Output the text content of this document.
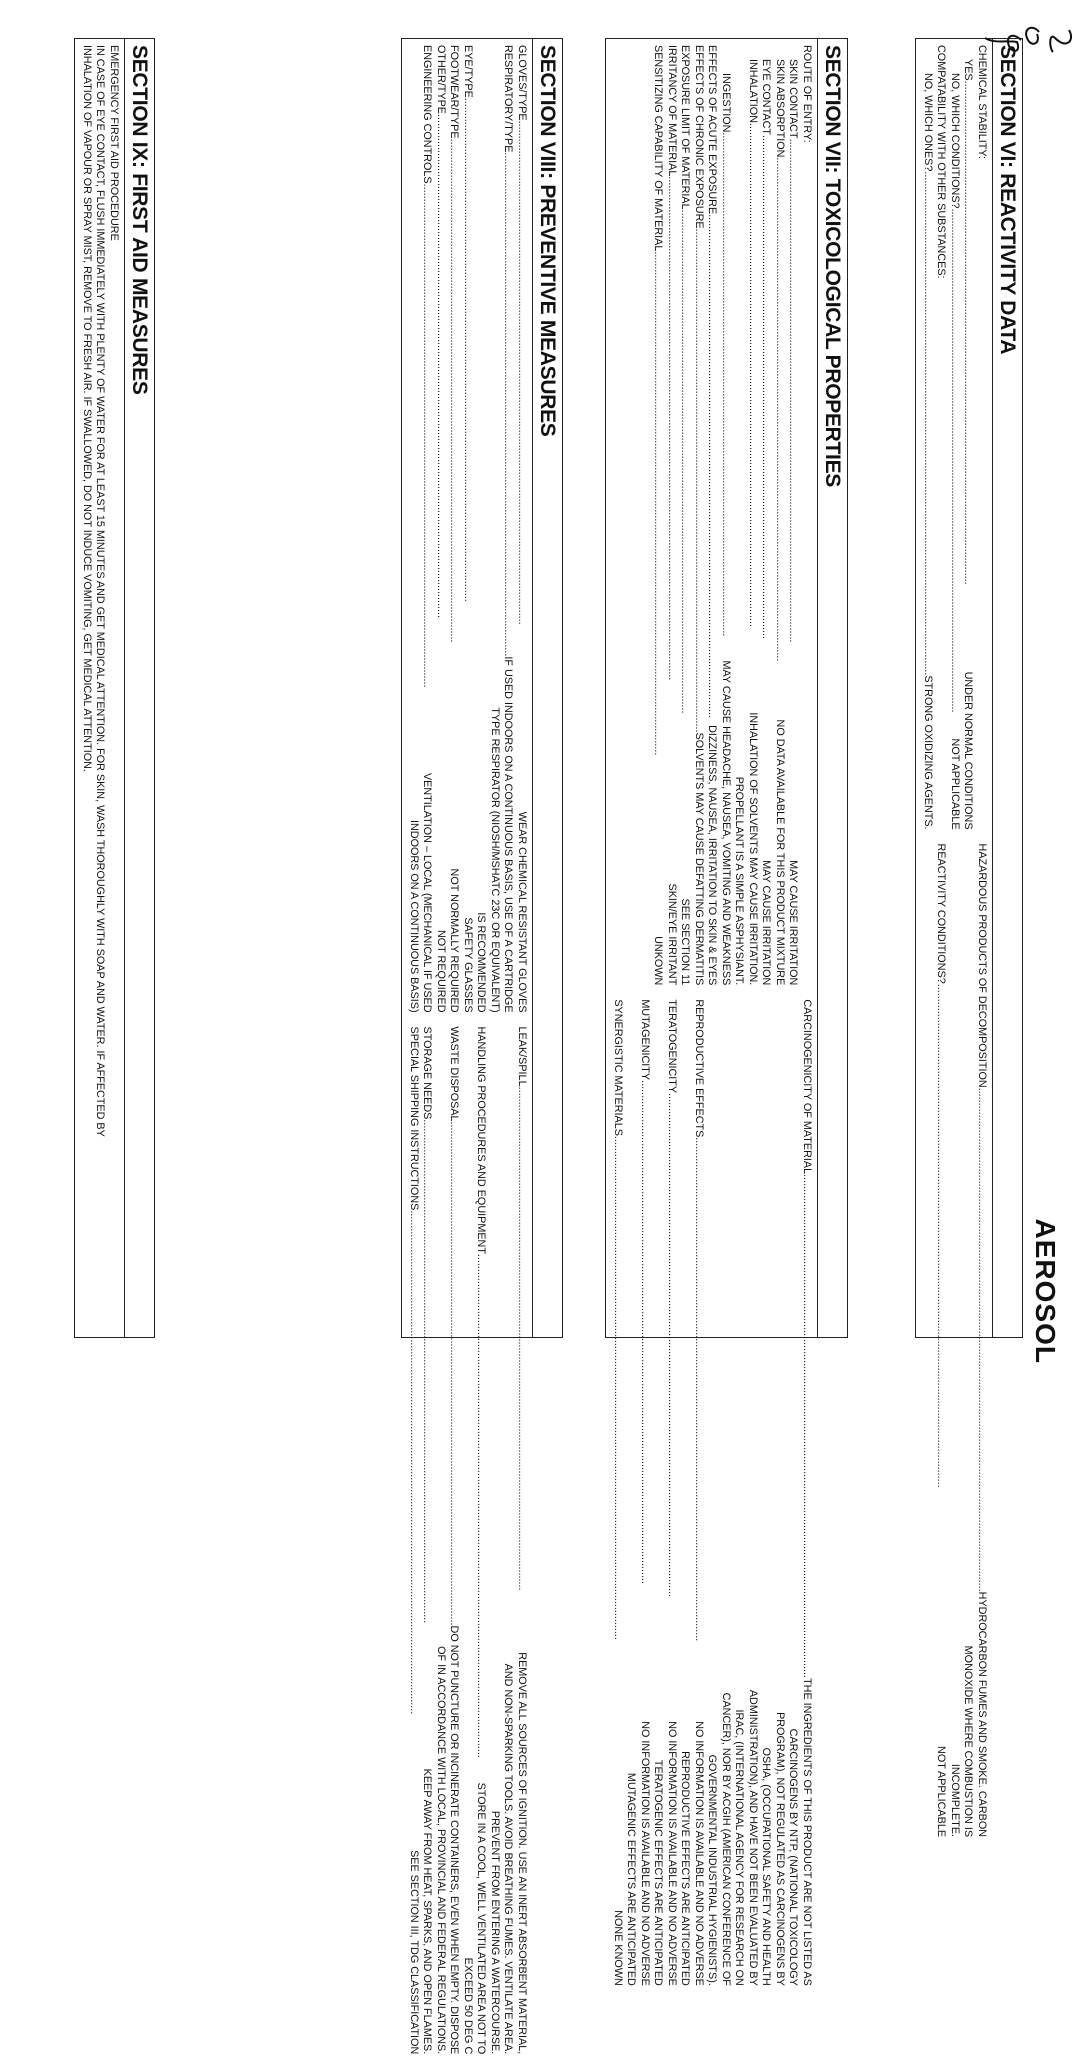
AEROSOL
SECTION VI: REACTIVITY DATA
CHEMICAL STABILITY:
YES
.....
UNDER NORMAL CONDITIONS
NO, WHICH CONDITIONS?
.....
NOT APPLICABLE
COMPATABILITY WITH OTHER SUBSTANCES:
NO, WHICH ONES?
.....
STRONG OXIDIZING AGENTS.
HAZARDOUS PRODUCTS OF DECOMPOSITION
.....
HYDROCARBON FUMES AND SMOKE. CARBON
MONOXIDE WHERE COMBUSTION IS
INCOMPLETE.
REACTIVITY CONDITIONS?
.....
NOT APPLICABLE
SECTION VII: TOXICOLOGICAL PROPERTIES
ROUTE OF ENTRY:
SKIN CONTACT
.....
MAY CAUSE IRRITATION
SKIN ABSORPTION
.....
NO DATA AVAILABLE FOR THIS PRODUCT MIXTURE
EYE CONTACT
.....
MAY CAUSE IRRITATION
INHALATION
.....
INHALATION OF SOLVENTS MAY CAUSE IRRITATION.
PROPELLANT IS A SIMPLE ASPHYSIANT.
INGESTION
.....
MAY CAUSE HEADACHE, NAUSEA, VOMITING AND WEAKNESS
EFFECTS OF ACUTE EXPOSURE
.....
DIZZINESS, NAUSEA, IRRITATION TO SKIN & EYES
EFFECTS OF CHRONIC EXPOSURE
.....
SOLVENTS MAY CAUSE DEFATTING DERMATITIS
EXPOSURE LIMIT OF MATERIAL
.....
SEE SECTION 11
IRRITANCY OF MATERIAL
.....
SKIN/EYE IRRITANT
SENSITIZING CAPABILITY OF MATERIAL
.....
UNKOWN
CARCINOGENICITY OF MATERIAL
.....
THE INGREDIENTS OF THIS PRODUCT ARE NOT LISTED AS
CARCINOGENS BY NTP, (NATIONAL TOXICOLOGY
PROGRAM), NOT REGULATED AS CARCINOGENS BY
OSHA, (OCCUPATIONAL SAFETY AND HEALTH
ADMINISTRATION), AND HAVE NOT BEEN EVALUATED BY
IRAC, (INTERNATIONAL AGENCY FOR RESEARCH ON
CANCER), NOR BY ACGIH (AMERICAN CONFERENCE OF
GOVERNMENTAL INDUSTRIAL HYGIENISTS).
REPRODUCTIVE EFFECTS
.....
NO INFORMATION IS AVAILABLE AND NO ADVERSE
REPRODUCTIVE EFFECTS ARE ANTICIPATED
TERATOGENICITY
.....
NO INFORMATION IS AVAILABLE AND NO ADVERSE
TERATOGENIC EFFECTS ARE ANTICIPATED
MUTAGENICITY
.....
NO INFORMATION IS AVAILABLE AND NO ADVERSE
MUTAGENIC EFFECTS ARE ANTICIPATED
SYNERGISTIC MATERIALS
.....
NONE KNOWN
SECTION VIII: PREVENTIVE MEASURES
GLOVES/TYPE
.....
WEAR CHEMICAL RESISTANT GLOVES
RESPIRATORY/TYPE
.....
IF USED INDOORS ON A CONTINUOUS BASIS, USE OF A CARTRIDGE
TYPE RESPIRATOR (NIOSH/MSHATC 23C OR EQUIVALENT)
IS RECOMMENDED
EYE/TYPE
.....
SAFETY GLASSES
FOOTWEAR/TYPE
.....
NOT NORMALLY REQUIRED
OTHER/TYPE
.....
NOT REQUIRED
ENGINEERING CONTROLS
.....
VENTILATION – LOCAL (MECHANICAL IF USED
INDOORS ON A CONTINUOUS BASIS)
LEAK/SPILL
.....
REMOVE ALL SOURCES OF IGNITION. USE AN INERT ABSORBENT MATERIAL,
AND NON-SPARKING TOOLS. AVOID BREATHING FUMES. VENTILATE AREA.
PREVENT FROM ENTERING A WATERCOURSE.
HANDLING PROCEDURES AND EQUIPMENT
.....
STORE IN A COOL, WELL VENTILATED AREA NOT TO
EXCEED 50 DEG C
WASTE DISPOSAL
.....
DO NOT PUNCTURE OR INCINERATE CONTAINERS, EVEN WHEN EMPTY. DISPOSE
OF IN ACCORDANCE WITH LOCAL, PROVINCIAL AND FEDERAL REGULATIONS.
STORAGE NEEDS
.....
KEEP AWAY FROM HEAT, SPARKS, AND OPEN FLAMES.
SPECIAL SHIPPING INSTRUCTIONS
.....
SEE SECTION III, TDG CLASSIFICATION
SECTION IX: FIRST AID MEASURES
EMERGENCY FIRST AID PROCEDURE
IN CASE OF EYE CONTACT, FLUSH IMMEDIATELY WITH PLENTY OF WATER FOR AT LEAST 15 MINUTES AND GET MEDICAL ATTENTION. FOR SKIN, WASH THOROUGHLY WITH SOAP AND WATER. IF AFFECTED BY
INHALATION OF VAPOUR OR SPRAY MIST, REMOVE TO FRESH AIR. IF SWALLOWED, DO NOT INDUCE VOMITING, GET MEDICAL ATTENTION.
